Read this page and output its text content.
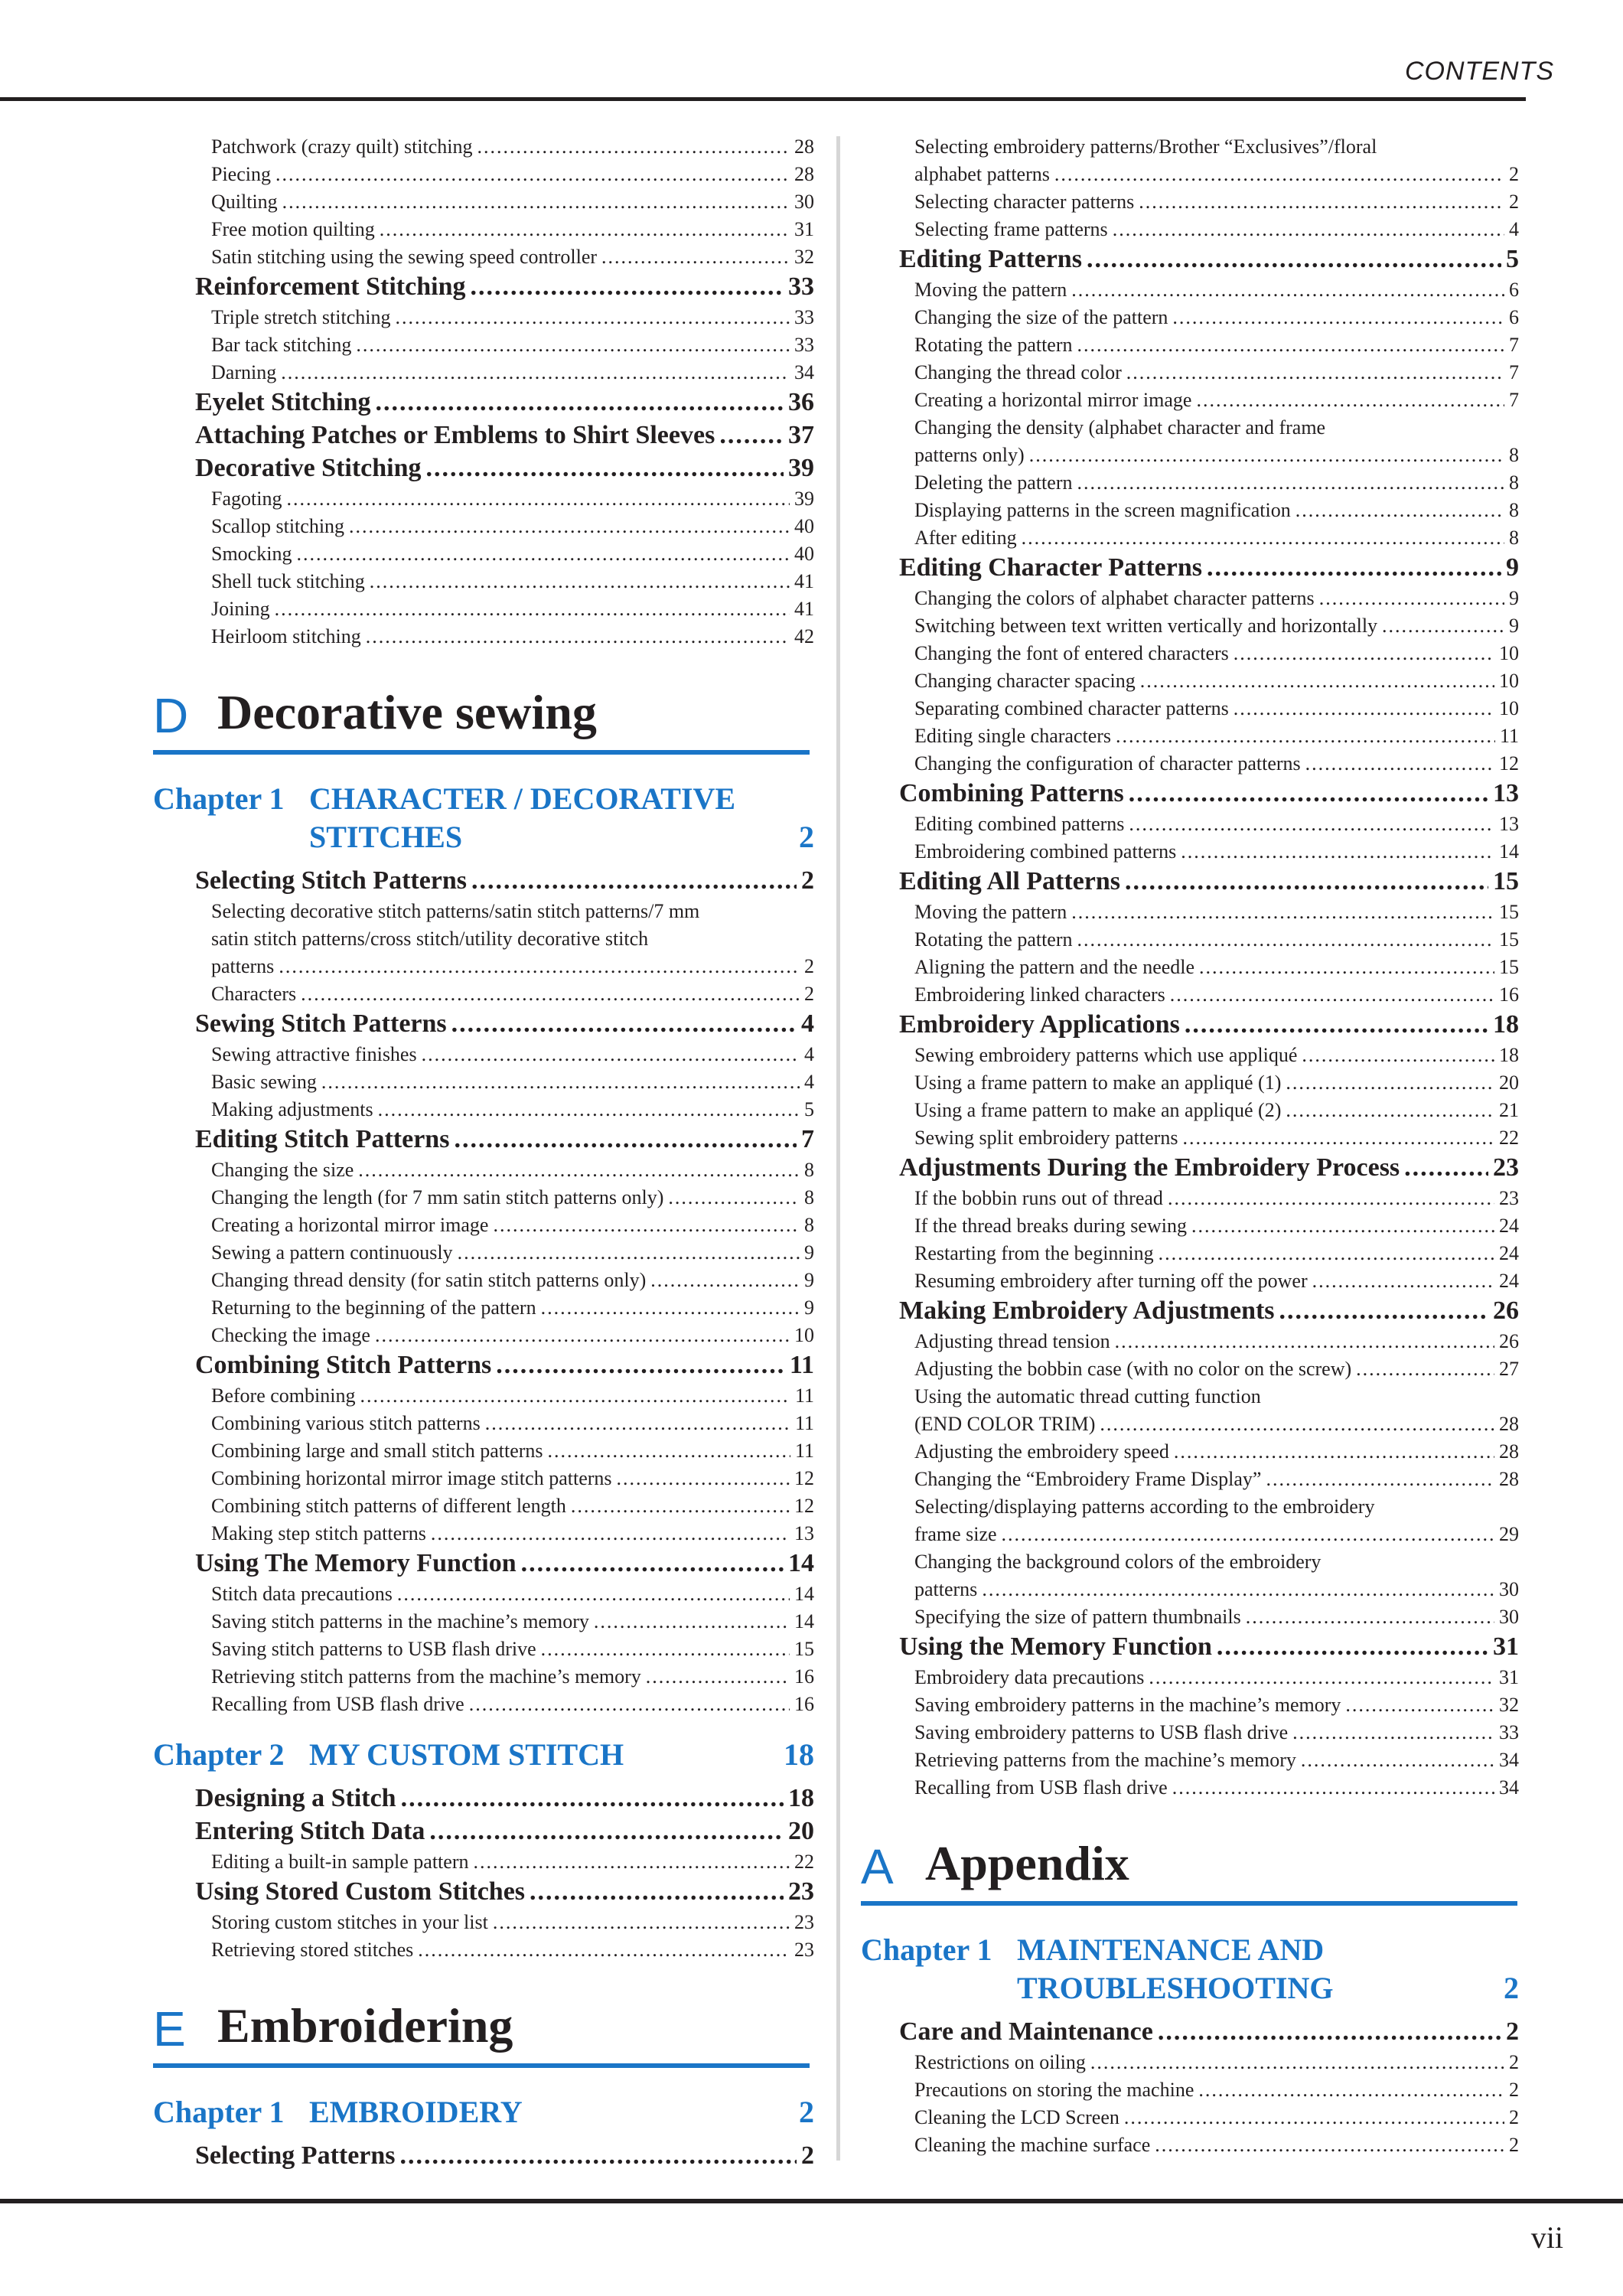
CONTENTS
Patchwork (crazy quilt) stitching .....	28
Piecing .....	28
Quilting .....	30
Free motion quilting .....	31
Satin stitching using the sewing speed controller .....	32
Reinforcement Stitching .....	33
Triple stretch stitching .....	33
Bar tack stitching .....	33
Darning .....	34
Eyelet Stitching .....	36
Attaching Patches or Emblems to Shirt Sleeves .....	37
Decorative Stitching .....	39
Fagoting .....	39
Scallop stitching .....	40
Smocking .....	40
Shell tuck stitching .....	41
Joining .....	41
Heirloom stitching .....	42
D Decorative sewing
Chapter 1 CHARACTER / DECORATIVE
STITCHES	2
Selecting Stitch Patterns .....	2
Selecting decorative stitch patterns/satin stitch patterns/7 mm
satin stitch patterns/cross stitch/utility decorative stitch
patterns .....	2
Characters .....	2
Sewing Stitch Patterns .....	4
Sewing attractive finishes .....	4
Basic sewing .....	4
Making adjustments .....	5
Editing Stitch Patterns .....	7
Changing the size .....	8
Changing the length (for 7 mm satin stitch patterns only) .....	8
Creating a horizontal mirror image .....	8
Sewing a pattern continuously .....	9
Changing thread density (for satin stitch patterns only) .....	9
Returning to the beginning of the pattern .....	9
Checking the image .....	10
Combining Stitch Patterns .....	11
Before combining .....	11
Combining various stitch patterns .....	11
Combining large and small stitch patterns .....	11
Combining horizontal mirror image stitch patterns .....	12
Combining stitch patterns of different length .....	12
Making step stitch patterns .....	13
Using The Memory Function .....	14
Stitch data precautions .....	14
Saving stitch patterns in the machine’s memory .....	14
Saving stitch patterns to USB flash drive .....	15
Retrieving stitch patterns from the machine’s memory .....	16
Recalling from USB flash drive .....	16
Chapter 2 MY CUSTOM STITCH	18
Designing a Stitch .....	18
Entering Stitch Data .....	20
Editing a built-in sample pattern .....	22
Using Stored Custom Stitches .....	23
Storing custom stitches in your list .....	23
Retrieving stored stitches .....	23
E Embroidering
Chapter 1 EMBROIDERY	2
Selecting Patterns .....	2
Selecting embroidery patterns/Brother “Exclusives”/floral
alphabet patterns .....	2
Selecting character patterns .....	2
Selecting frame patterns .....	4
Editing Patterns .....	5
Moving the pattern .....	6
Changing the size of the pattern .....	6
Rotating the pattern .....	7
Changing the thread color .....	7
Creating a horizontal mirror image .....	7
Changing the density (alphabet character and frame
patterns only) .....	8
Deleting the pattern .....	8
Displaying patterns in the screen magnification .....	8
After editing .....	8
Editing Character Patterns .....	9
Changing the colors of alphabet character patterns .....	9
Switching between text written vertically and horizontally .....	9
Changing the font of entered characters .....	10
Changing character spacing .....	10
Separating combined character patterns .....	10
Editing single characters .....	11
Changing the configuration of character patterns .....	12
Combining Patterns .....	13
Editing combined patterns .....	13
Embroidering combined patterns .....	14
Editing All Patterns .....	15
Moving the pattern .....	15
Rotating the pattern .....	15
Aligning the pattern and the needle .....	15
Embroidering linked characters .....	16
Embroidery Applications .....	18
Sewing embroidery patterns which use appliqué .....	18
Using a frame pattern to make an appliqué (1) .....	20
Using a frame pattern to make an appliqué (2) .....	21
Sewing split embroidery patterns .....	22
Adjustments During the Embroidery Process .....	23
If the bobbin runs out of thread .....	23
If the thread breaks during sewing .....	24
Restarting from the beginning .....	24
Resuming embroidery after turning off the power .....	24
Making Embroidery Adjustments .....	26
Adjusting thread tension .....	26
Adjusting the bobbin case (with no color on the screw) .....	27
Using the automatic thread cutting function
(END COLOR TRIM) .....	28
Adjusting the embroidery speed .....	28
Changing the “Embroidery Frame Display” .....	28
Selecting/displaying patterns according to the embroidery
frame size .....	29
Changing the background colors of the embroidery
patterns .....	30
Specifying the size of pattern thumbnails .....	30
Using the Memory Function .....	31
Embroidery data precautions .....	31
Saving embroidery patterns in the machine’s memory .....	32
Saving embroidery patterns to USB flash drive .....	33
Retrieving patterns from the machine’s memory .....	34
Recalling from USB flash drive .....	34
A Appendix
Chapter 1 MAINTENANCE AND
TROUBLESHOOTING	2
Care and Maintenance .....	2
Restrictions on oiling .....	2
Precautions on storing the machine .....	2
Cleaning the LCD Screen .....	2
Cleaning the machine surface .....	2
vii
